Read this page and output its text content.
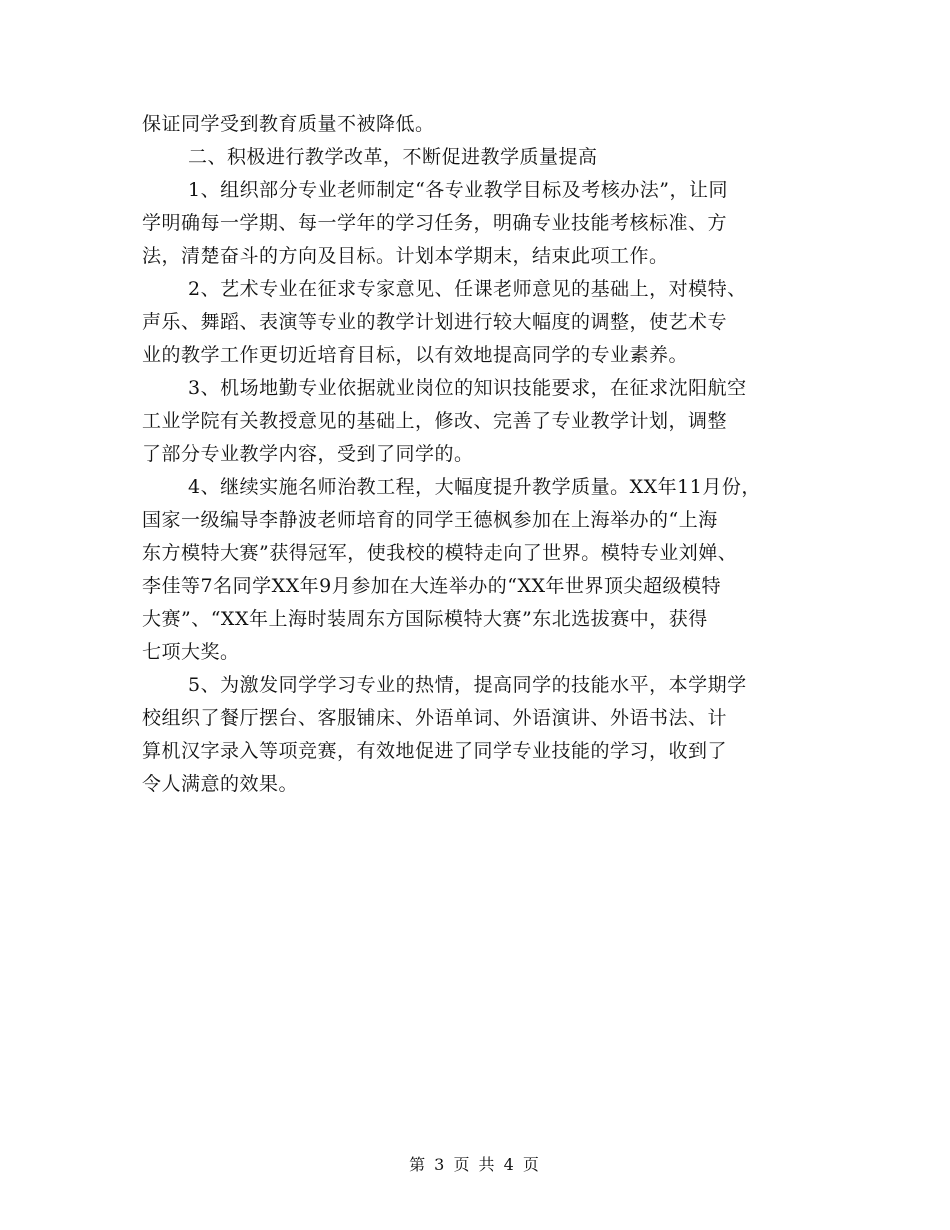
保证同学受到教育质量不被降低。
二、积极进行教学改革，不断促进教学质量提高
1、组织部分专业老师制定“各专业教学目标及考核办法”，让同
学明确每一学期、每一学年的学习任务，明确专业技能考核标准、方
法，清楚奋斗的方向及目标。计划本学期末，结束此项工作。
2、艺术专业在征求专家意见、任课老师意见的基础上，对模特、
声乐、舞蹈、表演等专业的教学计划进行较大幅度的调整，使艺术专
业的教学工作更切近培育目标，以有效地提高同学的专业素养。
3、机场地勤专业依据就业岗位的知识技能要求，在征求沈阳航空
工业学院有关教授意见的基础上，修改、完善了专业教学计划，调整
了部分专业教学内容，受到了同学的。
4、继续实施名师治教工程，大幅度提升教学质量。XX年11月份，
国家一级编导李静波老师培育的同学王德枫参加在上海举办的“上海
东方模特大赛”获得冠军，使我校的模特走向了世界。模特专业刘婵、
李佳等7名同学XX年9月参加在大连举办的“XX年世界顶尖超级模特
大赛”、“XX年上海时装周东方国际模特大赛”东北选拔赛中，获得
七项大奖。
5、为激发同学学习专业的热情，提高同学的技能水平，本学期学
校组织了餐厅摆台、客服铺床、外语单词、外语演讲、外语书法、计
算机汉字录入等项竞赛，有效地促进了同学专业技能的学习，收到了
令人满意的效果。
第 3 页 共 4 页
